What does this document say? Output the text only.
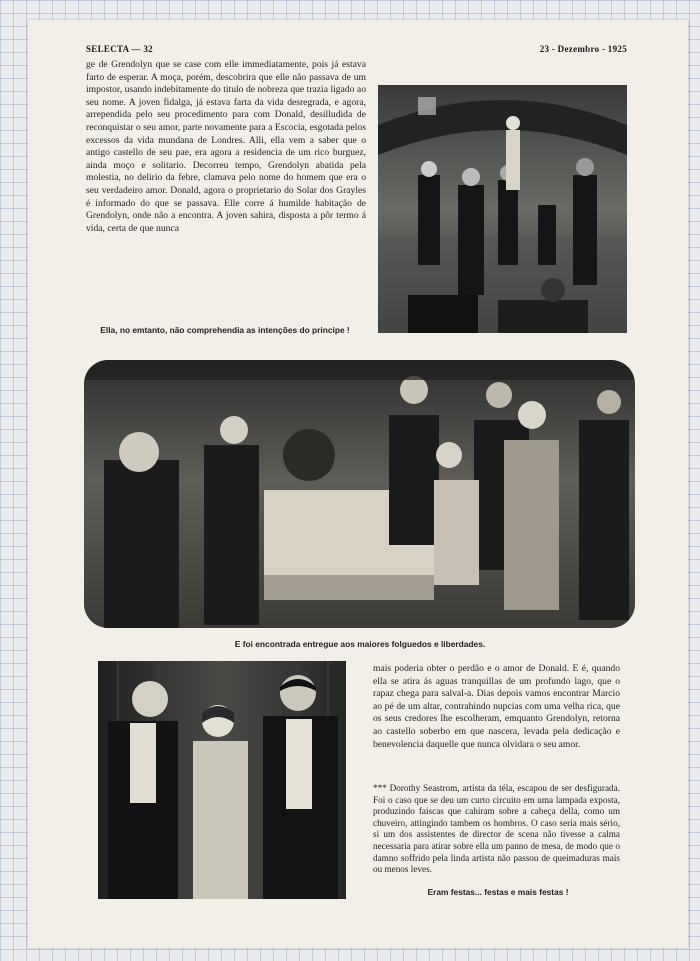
SELECTA — 32	23 - Dezembro - 1925

ge de Grendolyn que se case com elle immediatamente, pois já estava farto de esperar. A moça, porém, descobrira que elle não passava de um impostor, usando indebitamente do titulo de nobreza que trazia ligado ao seu nome. A joven fidalga, já estava farta da vida desregrada, e agora, arrependida pelo seu procedimento para com Donald, desilludida de reconquistar o seu amor, parte novamente para a Escocia, esgotada pelos excessos da vida mundana de Londres. Alli, ella vem a saber que o antigo castello de seu pae, era agora a residencia de um rico burguez, ainda moço e solitario. Decorreu tempo, Grendolyn abatida pela molestia, no delirio da febre, clamava pelo nome do homem que era o seu verdadeiro amor. Donald, agora o proprietario do Solar dos Grayles é informado do que se passava. Elle corre á humilde habitação de Grendolyn, onde não a encontra. A joven sahira, disposta a pôr termo á vida, certa de que nunca

Ella, no emtanto, não comprehendia as intenções do principe !
E foi encontrada entregue aos maiores folguedos e liberdades.
mais poderia obter o perdão e o amor de Donald. E é, quando ella se atira ás aguas tranquillas de um profundo lago, que o rapaz chega para salval-a. Dias depois vamos encontrar Marcio ao pé de um altar, contrahindo nupcias com uma velha rica, que os seus credores lhe escolheram, emquanto Grendolyn, retorna ao castello soberbo em que nascera, levada pela dedicação e benevolencia daquelle que nunca olvidara o seu amor.
*** Dorothy Seastrom, artista da téla, escapou de ser desfigurada. Foi o caso que se deu um curto circuito em uma lampada exposta, produzindo faiscas que cahiram sobre a cabeça della, como um chuveiro, attingindo tambem os hombros. O caso seria mais sério, si um dos assistentes de director de scena não tivesse a calma necessaria para atirar sobre ella um panno de mesa, de modo que o damno soffrido pela linda artista não passou de queimaduras mais ou menos leves.
Eram festas... festas e mais festas !
